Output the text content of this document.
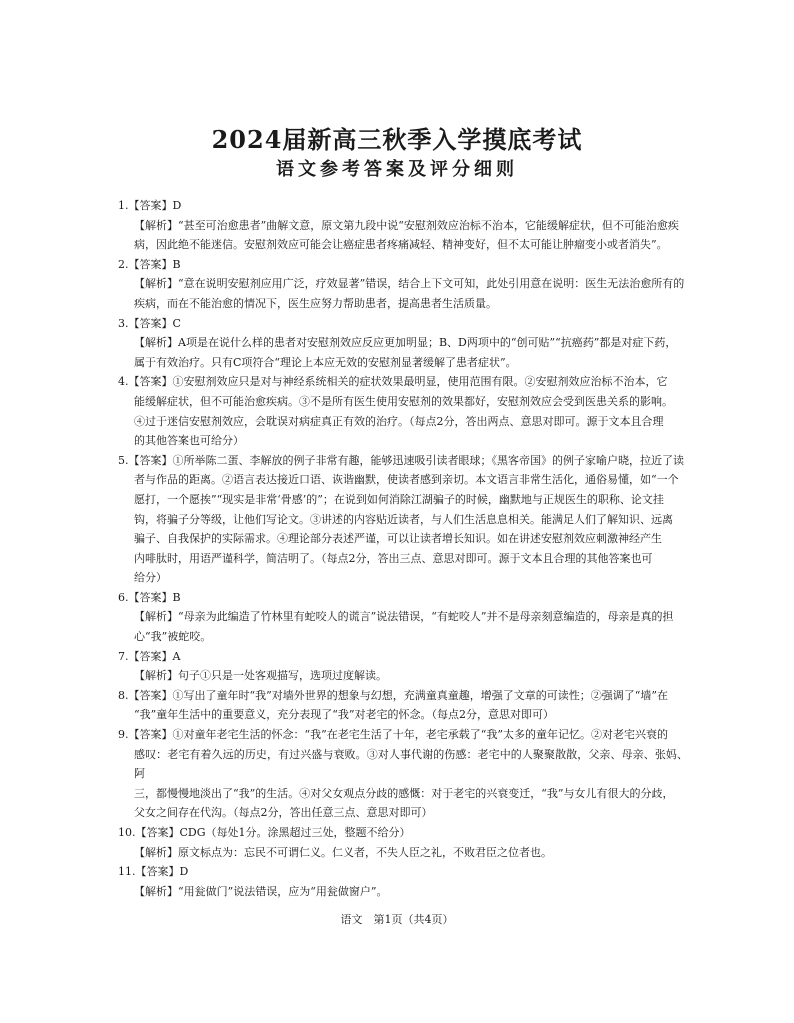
2024届新高三秋季入学摸底考试
语文参考答案及评分细则
1.【答案】D
【解析】“甚至可治愈患者”曲解文意，原文第九段中说“安慰剂效应治标不治本，它能缓解症状，但不可能治愈疾
病，因此绝不能迷信。安慰剂效应可能会让癌症患者疼痛减轻、精神变好，但不太可能让肿瘤变小或者消失”。
2.【答案】B
【解析】“意在说明安慰剂应用广泛，疗效显著”错误，结合上下文可知，此处引用意在说明：医生无法治愈所有的
疾病，而在不能治愈的情况下，医生应努力帮助患者，提高患者生活质量。
3.【答案】C
【解析】A项是在说什么样的患者对安慰剂效应反应更加明显；B、D两项中的“创可贴”“抗癌药”都是对症下药，
属于有效治疗。只有C项符合“理论上本应无效的安慰剂显著缓解了患者症状”。
4.【答案】①安慰剂效应只是对与神经系统相关的症状效果最明显，使用范围有限。②安慰剂效应治标不治本，它
能缓解症状，但不可能治愈疾病。③不是所有医生使用安慰剂的效果都好，安慰剂效应会受到医患关系的影响。
④过于迷信安慰剂效应，会耽误对病症真正有效的治疗。（每点2分，答出两点、意思对即可。源于文本且合理
的其他答案也可给分）
5.【答案】①所举陈二蛋、李解放的例子非常有趣，能够迅速吸引读者眼球；《黑客帝国》的例子家喻户晓，拉近了读
者与作品的距离。②语言表达接近口语、诙谐幽默，使读者感到亲切。本文语言非常生活化，通俗易懂，如“一个
愿打，一个愿挨”“现实是非常‘骨感’的”；在说到如何消除江湖骗子的时候，幽默地与正规医生的职称、论文挂
钩，将骗子分等级，让他们写论文。③讲述的内容贴近读者，与人们生活息息相关。能满足人们了解知识、远离
骗子、自我保护的实际需求。④理论部分表述严谨，可以让读者增长知识。如在讲述安慰剂效应刺激神经产生
内啡肽时，用语严谨科学，简洁明了。（每点2分，答出三点、意思对即可。源于文本且合理的其他答案也可
给分）
6.【答案】B
【解析】“母亲为此编造了竹林里有蛇咬人的谎言”说法错误，“有蛇咬人”并不是母亲刻意编造的，母亲是真的担
心“我”被蛇咬。
7.【答案】A
【解析】句子①只是一处客观描写，选项过度解读。
8.【答案】①写出了童年时“我”对墙外世界的想象与幻想，充满童真童趣，增强了文章的可读性；②强调了“墙”在
“我”童年生活中的重要意义，充分表现了“我”对老宅的怀念。（每点2分，意思对即可）
9.【答案】①对童年老宅生活的怀念：“我”在老宅生活了十年，老宅承载了“我”太多的童年记忆。②对老宅兴衰的
感叹：老宅有着久远的历史，有过兴盛与衰败。③对人事代谢的伤感：老宅中的人聚聚散散，父亲、母亲、张妈、阿
三，都慢慢地淡出了“我”的生活。④对父女观点分歧的感慨：对于老宅的兴衰变迁，“我”与女儿有很大的分歧，
父女之间存在代沟。（每点2分，答出任意三点、意思对即可）
10.【答案】CDG（每处1分。涂黑超过三处，整题不给分）
【解析】原文标点为：忘民不可谓仁义。仁义者，不失人臣之礼，不败君臣之位者也。
11.【答案】D
【解析】“用瓮做门”说法错误，应为“用瓮做窗户”。
语文　第1页（共4页）
